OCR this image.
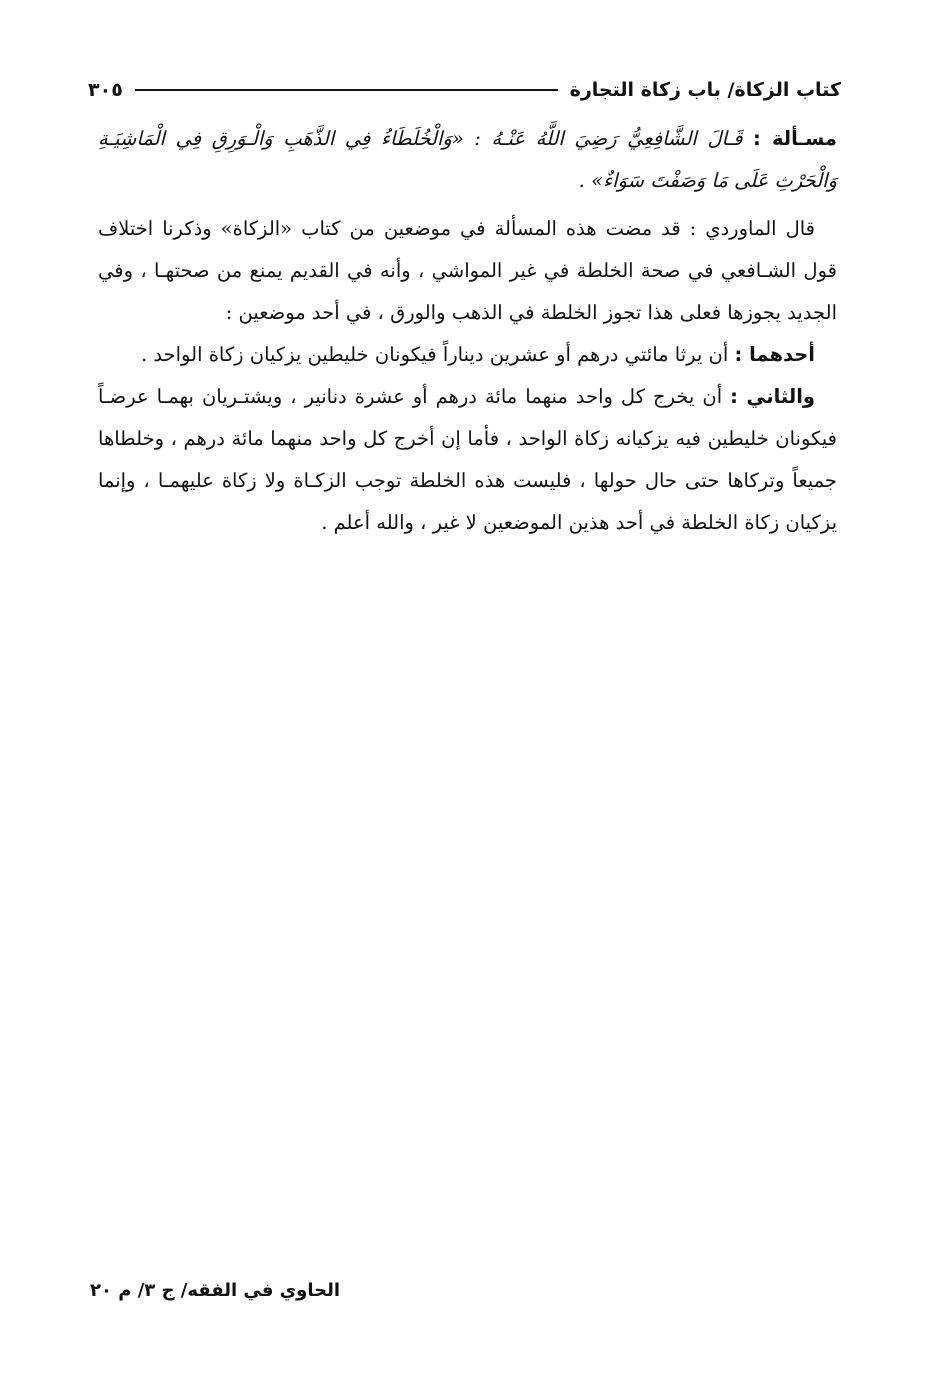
كتاب الزكاة/ باب زكاة التجارة
٣٠٥

مسـألة : قَـالَ الشَّافِعِيُّ رَضِيَ اللَّهُ عَنْـهُ : «وَالْخُلَطَاءُ فِي الذَّهَبِ وَالْـوَرِقِ فِي الْمَاشِيَـةِ وَالْحَرْثِ عَلَى مَا وَصَفْتَ سَوَاءٌ» .

قال الماوردي : قد مضت هذه المسألة في موضعين من كتاب «الزكاة» وذكرنا اختلاف قول الشـافعي في صحة الخلطة في غير المواشي ، وأنه في القديم يمنع من صحتهـا ، وفي الجديد يجوزها فعلى هذا تجوز الخلطة في الذهب والورق ، في أحد موضعين :

أحدهما : أن يرثا مائتي درهم أو عشرين ديناراً فيكونان خليطين يزكيان زكاة الواحد .

والثاني : أن يخرج كل واحد منهما مائة درهم أو عشرة دنانير ، ويشتـريان بهمـا عرضـاً فيكونان خليطين فيه يزكيانه زكاة الواحد ، فأما إن أخرج كل واحد منهما مائة درهم ، وخلطاها جميعاً وتركاها حتى حال حولها ، فليست هذه الخلطة توجب الزكـاة ولا زكاة عليهمـا ، وإنما يزكيان زكاة الخلطة في أحد هذين الموضعين لا غير ، والله أعلم .

الحاوي في الفقه/ ج ٣/ م ٢٠
